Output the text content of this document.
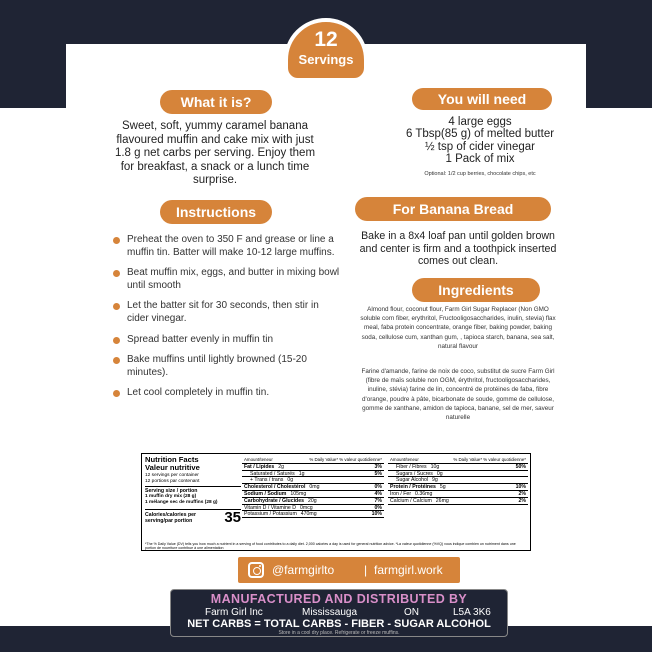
12
Servings
What it is?
Sweet, soft, yummy caramel banana flavoured muffin and cake mix with just 1.8 g net carbs per serving. Enjoy them for breakfast, a snack or a lunch time surprise.
You will need
4 large eggs
6 Tbsp(85 g) of melted butter
½ tsp of cider vinegar
1 Pack of mix
Optional: 1/2 cup berries, chocolate chips, etc
Instructions
Preheat the oven to 350 F and grease or line a muffin tin. Batter will make 10-12 large muffins.
Beat muffin mix, eggs, and butter in mixing bowl until smooth
Let the batter sit for 30 seconds, then stir in cider vinegar.
Spread batter evenly in muffin tin
Bake muffins until lightly browned (15-20 minutes).
Let cool completely in muffin tin.
For Banana Bread
Bake in a 8x4 loaf pan until golden brown and center is firm and a toothpick inserted comes out clean.
Ingredients
Almond flour, coconut flour, Farm Girl Sugar Replacer (Non GMO soluble corn fiber, erythritol, Fructooligosaccharides, inulin, stevia) flax meal, faba protein concentrate, orange fiber, baking powder, baking soda, cellulose cum, xanthan gum, , tapioca starch, banana, sea salt, natural flavour
Farine d'amande, farine de noix de coco, substitut de sucre Farm Girl (fibre de maïs soluble non OGM, érythritol, fructooligosaccharides, inuline, stévia) farine de lin, concentré de protéines de faba, fibre d'orange, poudre à pâte, bicarbonate de soude, gomme de cellulose, gomme de xanthane, amidon de tapioca, banane, sel de mer, saveur naturelle
Nutrition Facts
Valeur nutritive
12 servings per container
12 portions par contenant
Serving size / portion
1 muffin dry mix (28 g)
1 mélange sec de muffins (28 g)
Calories/calories per serving/par portion	35
Amount/teneur	% Daily Value* % valeur quotidienne*
Fat / Lipides 2g	3%
Saturated / Saturés 1g	5%
+ Trans / trans 0g
Cholesterol / Cholestérol 0mg	0%
Sodium / Sodium 105mg	4%
Carbohydrate / Glucides 20g	7%
Vitamin D / Vitamine D 0mcg	0%
Potassium / Potassium 470mg	10%
Amount/teneur	% Daily Value* % valeur quotidienne*
Fiber / Fibres 10g	50%
Sugars / Sucres 0g
Sugar Alcohol 9g
Protein / Protéines 5g	10%
Iron / Fer 0.36mg	2%
Calcium / Calcium 26mg	2%
*The % Daily Value (DV) tells you how much a nutrient in a serving of food contributes to a daily diet. 2,000 calories a day is used for general nutrition advice. *La valeur quotidienne (%VQ) vous indique combien un nutriment dans une portion de nourriture contribue à une alimentation
@farmgirlto | farmgirl.work
MANUFACTURED AND DISTRIBUTED BY
Farm Girl Inc	Mississauga	ON	L5A 3K6
NET CARBS = TOTAL CARBS - FIBER - SUGAR ALCOHOL
Store in a cool dry place. Refrigerate or freeze muffins.
